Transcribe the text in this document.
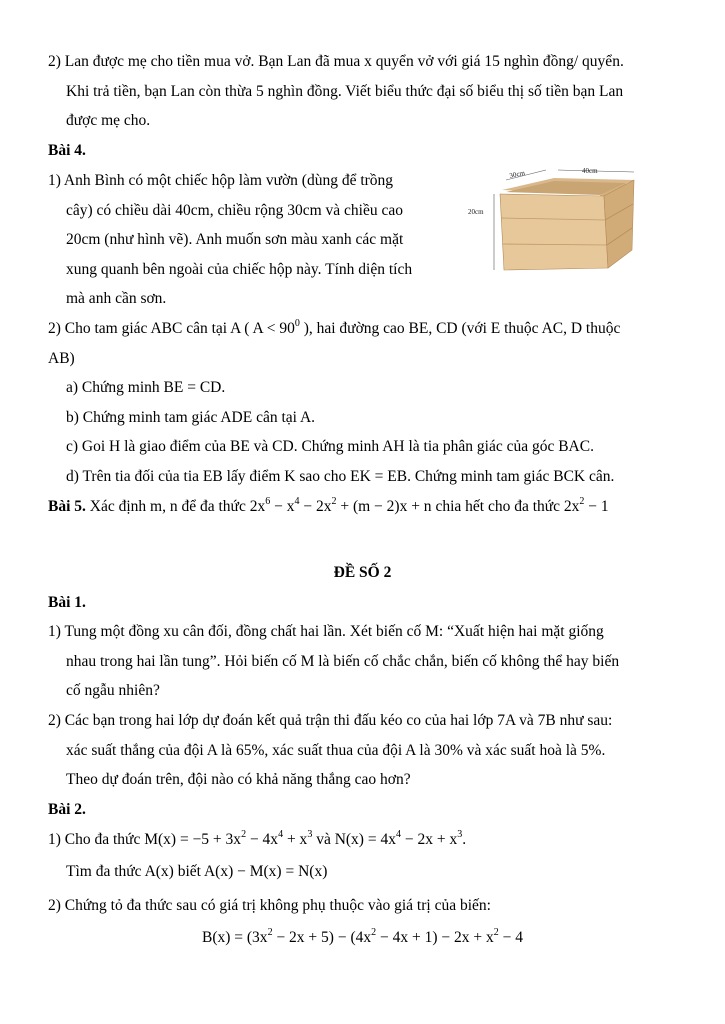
2) Lan được mẹ cho tiền mua vở. Bạn Lan đã mua x quyển vở với giá 15 nghìn đồng/ quyển.
Khi trả tiền, bạn Lan còn thừa 5 nghìn đồng. Viết biểu thức đại số biểu thị số tiền bạn Lan
được mẹ cho.
Bài 4.
1) Anh Bình có một chiếc hộp làm vườn (dùng để trồng
cây) có chiều dài 40cm, chiều rộng 30cm và chiều cao
20cm (như hình vẽ). Anh muốn sơn màu xanh các mặt
xung quanh bên ngoài của chiếc hộp này. Tính diện tích
mà anh cần sơn.
30cm	40cm
20cm
2) Cho tam giác ABC cân tại A ( $A < 90^0$ ), hai đường cao BE, CD (với E thuộc AC, D thuộc
AB)
a) Chứng minh BE = CD.
b) Chứng minh tam giác ADE cân tại A.
c) Goi H là giao điểm của BE và CD. Chứng minh AH là tia phân giác của góc BAC.
d) Trên tia đối của tia EB lấy điểm K sao cho EK = EB. Chứng minh tam giác BCK cân.
Bài 5. Xác định m, n để đa thức $2x^6 - x^4 - 2x^2 + (m - 2)x + n$ chia hết cho đa thức $2x^2 - 1$
ĐỀ SỐ 2
Bài 1.
1) Tung một đồng xu cân đối, đồng chất hai lần. Xét biến cố M: “Xuất hiện hai mặt giống
nhau trong hai lần tung”. Hỏi biến cố M là biến cố chắc chắn, biến cố không thể hay biến
cố ngẫu nhiên?
2) Các bạn trong hai lớp dự đoán kết quả trận thi đấu kéo co của hai lớp 7A và 7B như sau:
xác suất thắng của đội A là 65%, xác suất thua của đội A là 30% và xác suất hoà là 5%.
Theo dự đoán trên, đội nào có khả năng thắng cao hơn?
Bài 2.
1) Cho đa thức $M(x) = -5 + 3x^2 - 4x^4 + x^3$ và $N(x) = 4x^4 - 2x + x^3$.
Tìm đa thức A(x) biết A(x) − M(x) = N(x)
2) Chứng tỏ đa thức sau có giá trị không phụ thuộc vào giá trị của biến:
$B(x) = (3x^2 - 2x + 5) - (4x^2 - 4x + 1) - 2x + x^2 - 4$
